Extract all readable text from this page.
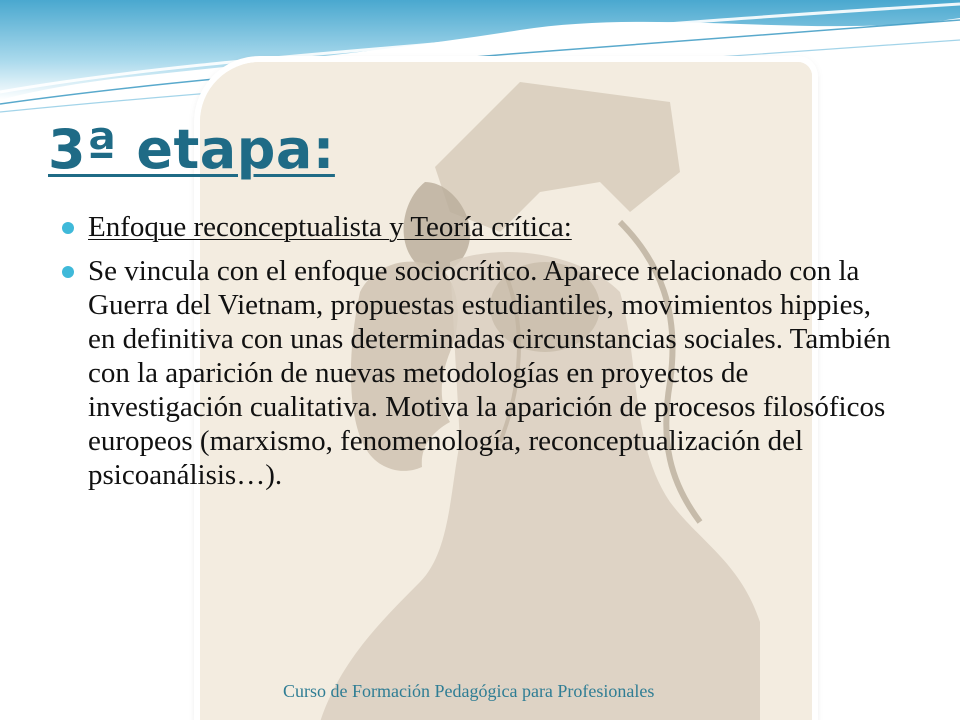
3ª etapa:
Enfoque reconceptualista y Teoría crítica:
Se vincula con el enfoque sociocrítico. Aparece relacionado con la Guerra del Vietnam, propuestas estudiantiles, movimientos hippies, en definitiva con unas determinadas circunstancias sociales. También con la aparición de nuevas metodologías en proyectos de investigación cualitativa. Motiva la aparición de procesos filosóficos europeos (marxismo, fenomenología, reconceptualización del psicoanálisis…).
Curso de Formación Pedagógica para Profesionales
